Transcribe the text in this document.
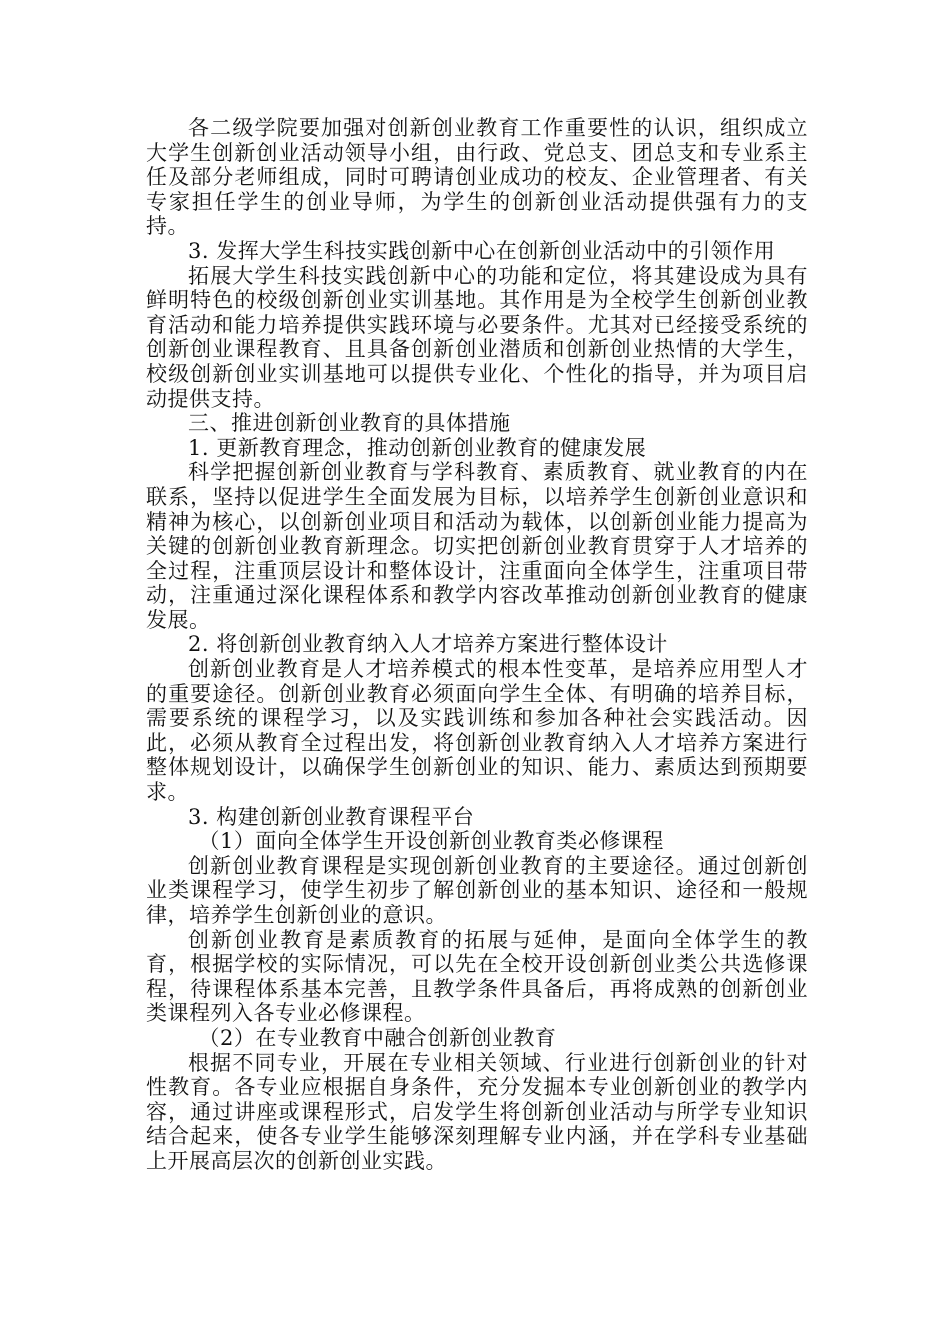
各二级学院要加强对创新创业教育工作重要性的认识，组织成立大学生创新创业活动领导小组，由行政、党总支、团总支和专业系主任及部分老师组成，同时可聘请创业成功的校友、企业管理者、有关专家担任学生的创业导师，为学生的创新创业活动提供强有力的支持。

3. 发挥大学生科技实践创新中心在创新创业活动中的引领作用

拓展大学生科技实践创新中心的功能和定位，将其建设成为具有鲜明特色的校级创新创业实训基地。其作用是为全校学生创新创业教育活动和能力培养提供实践环境与必要条件。尤其对已经接受系统的创新创业课程教育、且具备创新创业潜质和创新创业热情的大学生，校级创新创业实训基地可以提供专业化、个性化的指导，并为项目启动提供支持。

三、推进创新创业教育的具体措施

1. 更新教育理念，推动创新创业教育的健康发展

科学把握创新创业教育与学科教育、素质教育、就业教育的内在联系，坚持以促进学生全面发展为目标，以培养学生创新创业意识和精神为核心，以创新创业项目和活动为载体，以创新创业能力提高为关键的创新创业教育新理念。切实把创新创业教育贯穿于人才培养的全过程，注重顶层设计和整体设计，注重面向全体学生，注重项目带动，注重通过深化课程体系和教学内容改革推动创新创业教育的健康发展。

2. 将创新创业教育纳入人才培养方案进行整体设计

创新创业教育是人才培养模式的根本性变革，是培养应用型人才的重要途径。创新创业教育必须面向学生全体、有明确的培养目标，需要系统的课程学习，以及实践训练和参加各种社会实践活动。因此，必须从教育全过程出发，将创新创业教育纳入人才培养方案进行整体规划设计，以确保学生创新创业的知识、能力、素质达到预期要求。

3. 构建创新创业教育课程平台

（1）面向全体学生开设创新创业教育类必修课程

创新创业教育课程是实现创新创业教育的主要途径。通过创新创业类课程学习，使学生初步了解创新创业的基本知识、途径和一般规律，培养学生创新创业的意识。

创新创业教育是素质教育的拓展与延伸，是面向全体学生的教育，根据学校的实际情况，可以先在全校开设创新创业类公共选修课程，待课程体系基本完善，且教学条件具备后，再将成熟的创新创业类课程列入各专业必修课程。

（2）在专业教育中融合创新创业教育

根据不同专业，开展在专业相关领域、行业进行创新创业的针对性教育。各专业应根据自身条件，充分发掘本专业创新创业的教学内容，通过讲座或课程形式，启发学生将创新创业活动与所学专业知识结合起来，使各专业学生能够深刻理解专业内涵，并在学科专业基础上开展高层次的创新创业实践。
